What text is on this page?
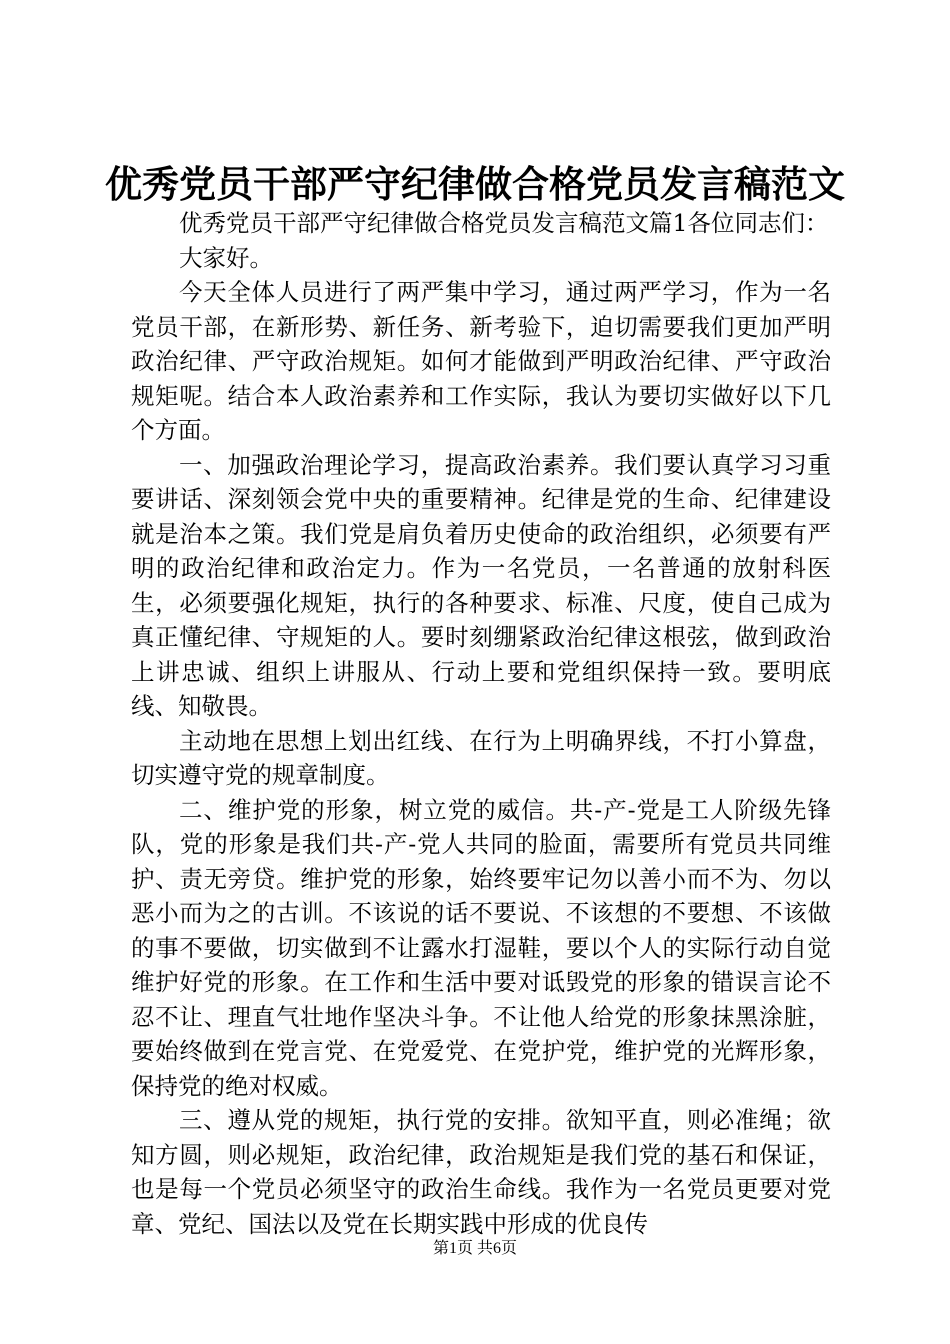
优秀党员干部严守纪律做合格党员发言稿范文

优秀党员干部严守纪律做合格党员发言稿范文篇1各位同志们：

大家好。

今天全体人员进行了两严集中学习，通过两严学习，作为一名党员干部，在新形势、新任务、新考验下，迫切需要我们更加严明政治纪律、严守政治规矩。如何才能做到严明政治纪律、严守政治规矩呢。结合本人政治素养和工作实际，我认为要切实做好以下几个方面。

一、加强政治理论学习，提高政治素养。我们要认真学习习重要讲话、深刻领会党中央的重要精神。纪律是党的生命、纪律建设就是治本之策。我们党是肩负着历史使命的政治组织，必须要有严明的政治纪律和政治定力。作为一名党员，一名普通的放射科医生，必须要强化规矩，执行的各种要求、标准、尺度，使自己成为真正懂纪律、守规矩的人。要时刻绷紧政治纪律这根弦，做到政治上讲忠诚、组织上讲服从、行动上要和党组织保持一致。要明底线、知敬畏。

主动地在思想上划出红线、在行为上明确界线，不打小算盘，切实遵守党的规章制度。

二、维护党的形象，树立党的威信。共-产-党是工人阶级先锋队，党的形象是我们共-产-党人共同的脸面，需要所有党员共同维护、责无旁贷。维护党的形象，始终要牢记勿以善小而不为、勿以恶小而为之的古训。不该说的话不要说、不该想的不要想、不该做的事不要做，切实做到不让露水打湿鞋，要以个人的实际行动自觉维护好党的形象。在工作和生活中要对诋毁党的形象的错误言论不忍不让、理直气壮地作坚决斗争。不让他人给党的形象抹黑涂脏，要始终做到在党言党、在党爱党、在党护党，维护党的光辉形象，保持党的绝对权威。

三、遵从党的规矩，执行党的安排。欲知平直，则必准绳；欲知方圆，则必规矩，政治纪律，政治规矩是我们党的基石和保证，也是每一个党员必须坚守的政治生命线。我作为一名党员更要对党章、党纪、国法以及党在长期实践中形成的优良传

第1页 共6页
